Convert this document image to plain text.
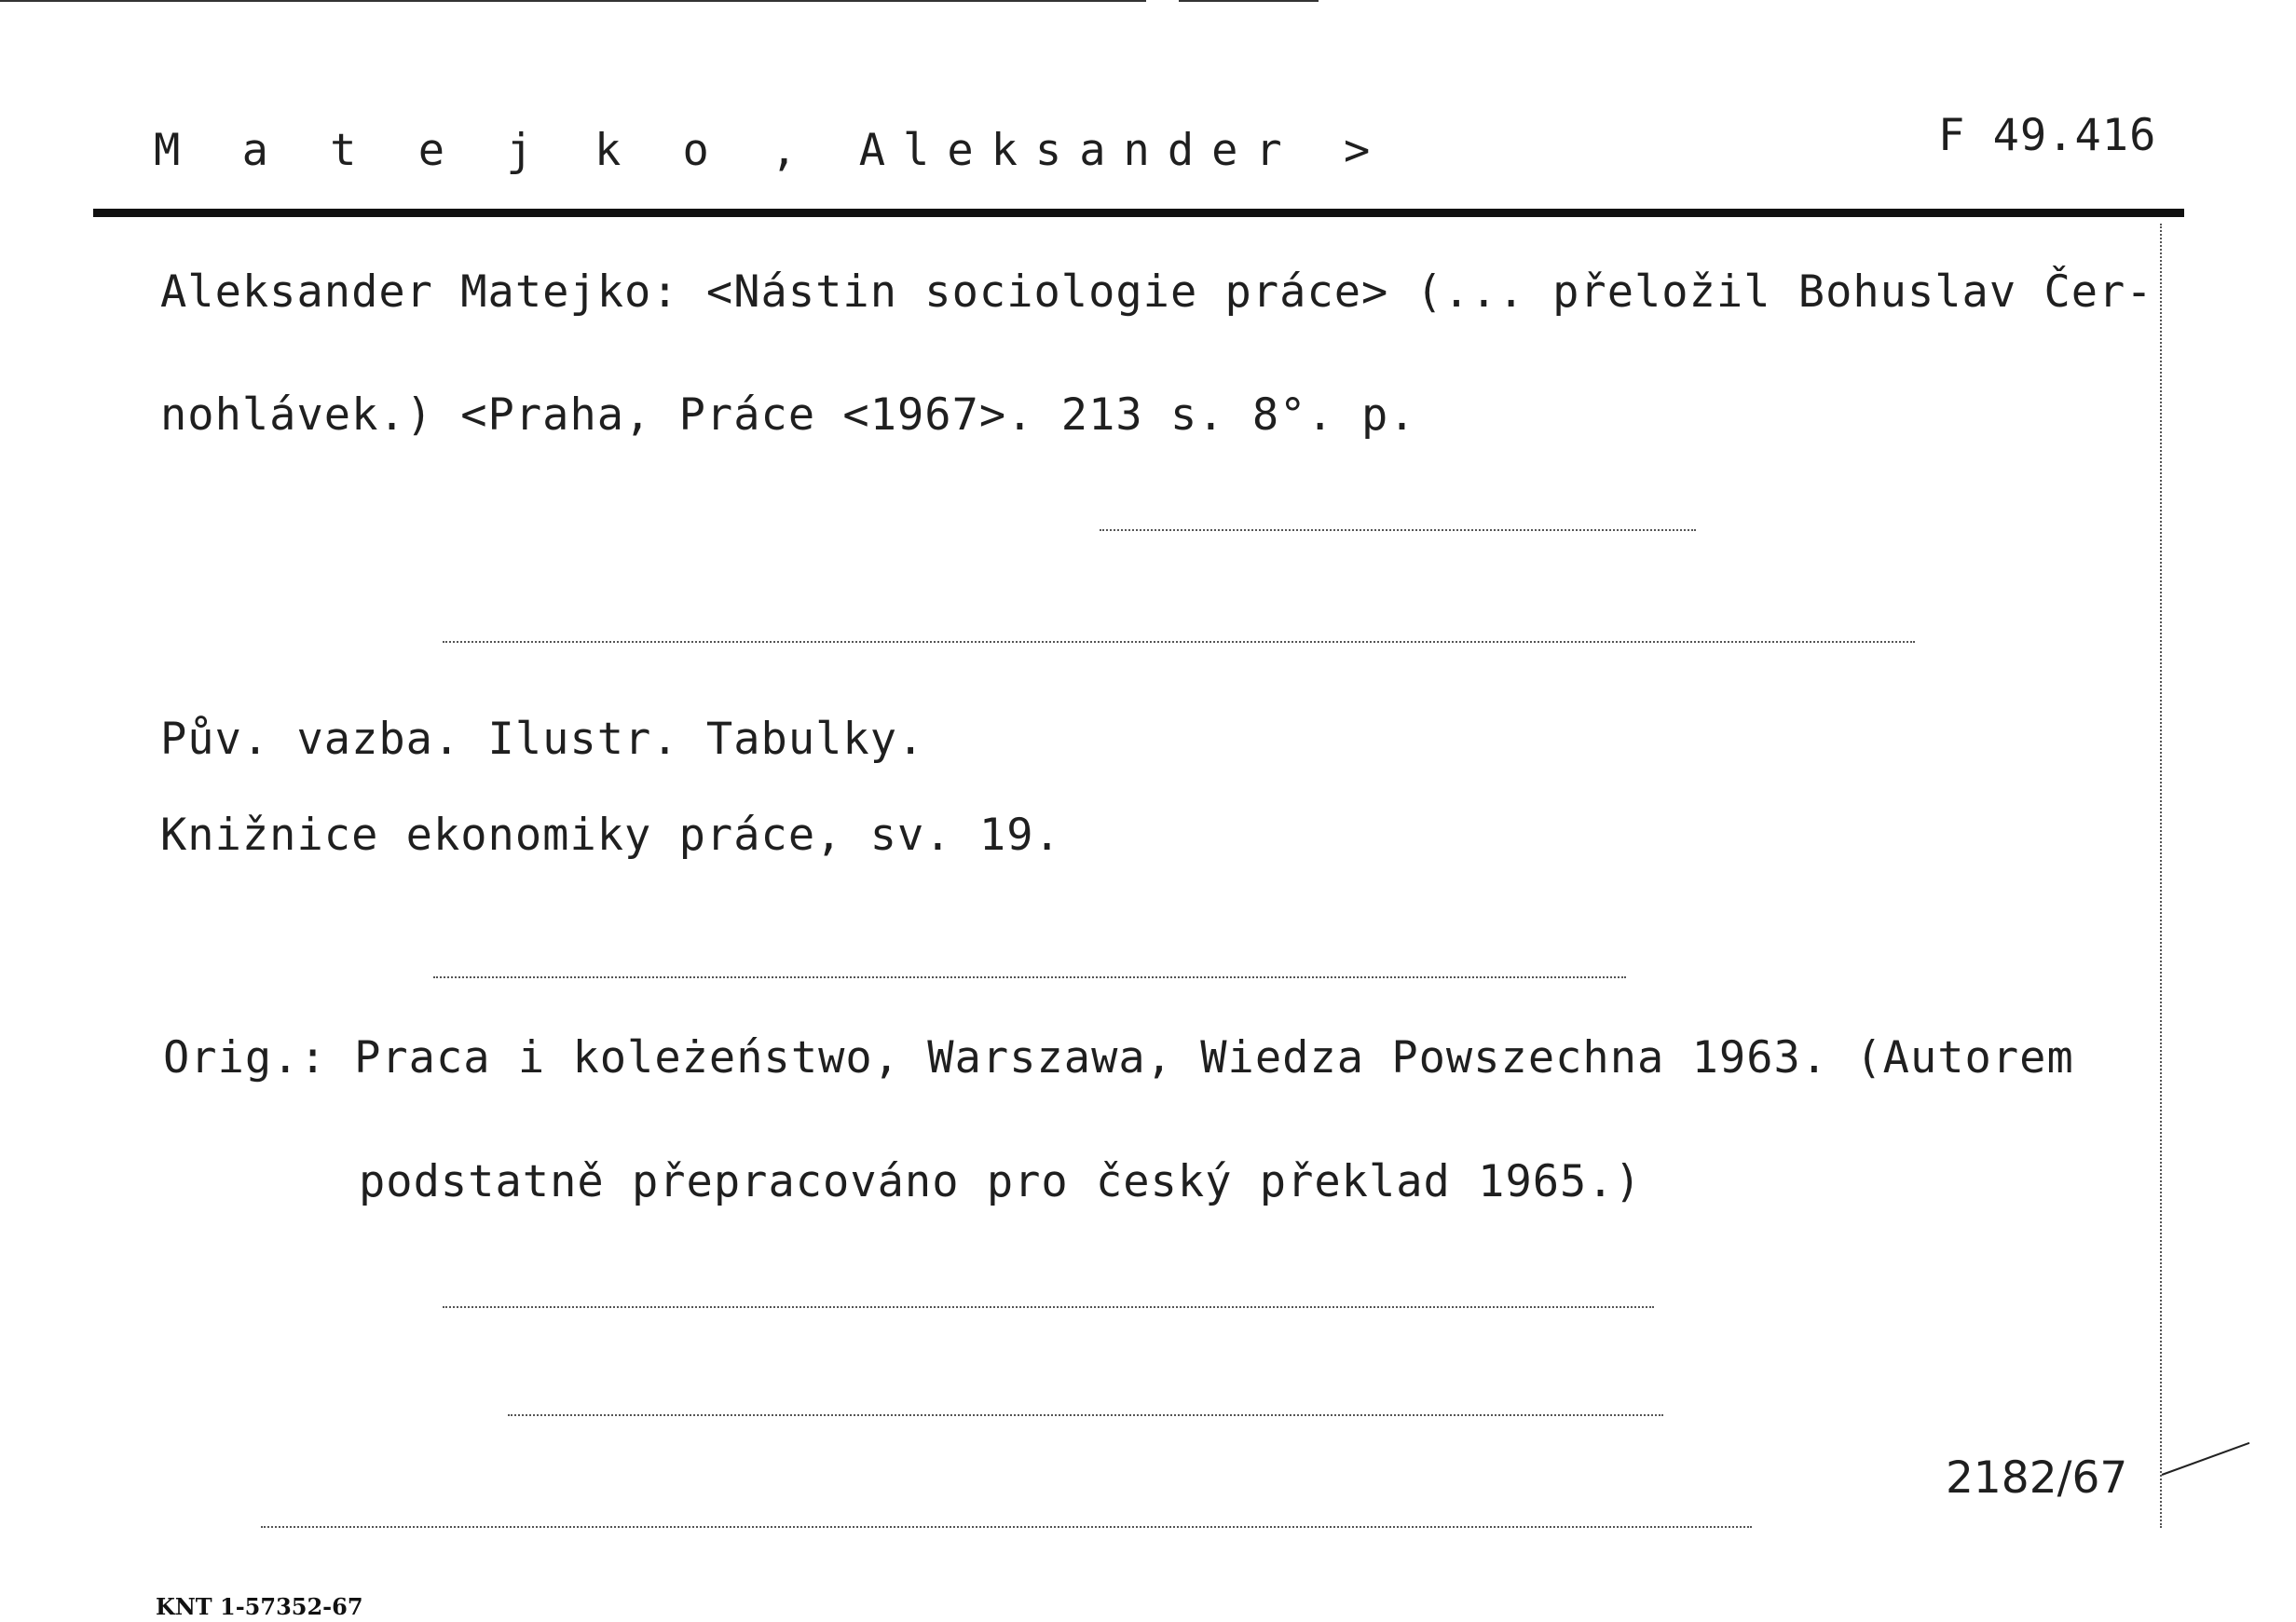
M a t e j k o , Aleksander >	F 49.416
Aleksander Matejko: <Nástin sociologie práce> (... přeložil Bohuslav Čer-
nohlávek.) <Praha, Práce <1967>. 213 s. 8°. p.
Pův. vazba. Ilustr. Tabulky.
Knižnice ekonomiky práce, sv. 19.
Orig.: Praca i koleżeństwo, Warszawa, Wiedza Powszechna 1963. (Autorem
podstatně přepracováno pro český překlad 1965.)
2182/67
KNT 1-57352-67
